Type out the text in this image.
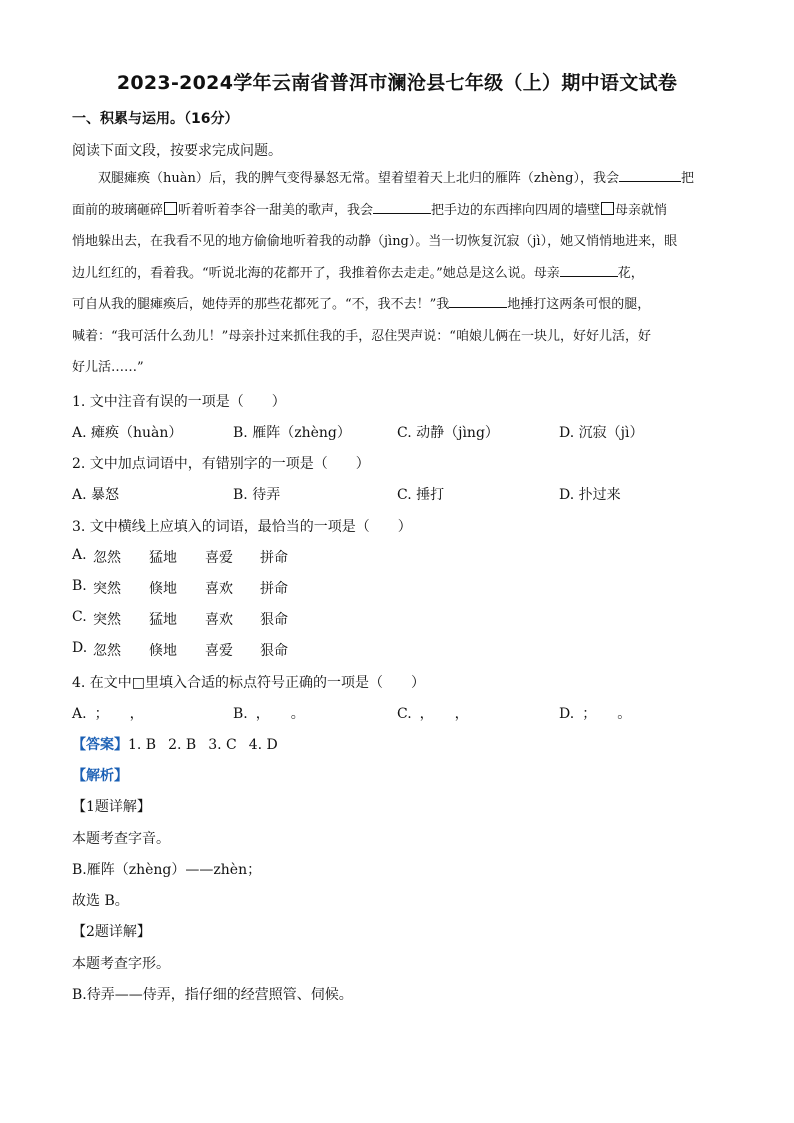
2023-2024学年云南省普洱市澜沧县七年级（上）期中语文试卷
一、积累与运用。（16分）
阅读下面文段，按要求完成问题。
双腿瘫痪（huàn）后，我的脾气变得暴怒无常。望着望着天上北归的雁阵（zhèng），我会	把
面前的玻璃砸碎 听着听着李谷一甜美的歌声，我会	把手边的东西摔向四周的墙壁 母亲就悄
悄地躲出去，在我看不见的地方偷偷地听着我的动静（jìng）。当一切恢复沉寂（jì），她又悄悄地进来，眼
边儿红红的，看着我。“听说北海的花都开了，我推着你去走走。”她总是这么说。母亲	花，
可自从我的腿瘫痪后，她侍弄的那些花都死了。“不，我不去！”我	地捶打这两条可恨的腿，
喊着：“我可活什么劲儿！”母亲扑过来抓住我的手，忍住哭声说：“咱娘儿俩在一块儿，好好儿活，好
好儿活……”
1. 文中注音有误的一项是（　　）
A. 瘫痪（huàn）	B. 雁阵（zhèng）	C. 动静（jìng）	D. 沉寂（jì）
2. 文中加点词语中，有错别字的一项是（　　）
A. 暴怒	B. 待弄	C. 捶打	D. 扑过来
3. 文中横线上应填入的词语，最恰当的一项是（　　）
A. 忽然 猛地 喜爱 拼命
B. 突然 倏地 喜欢 拼命
C. 突然 猛地 喜欢 狠命
D. 忽然 倏地 喜爱 狠命
4. 在文中□里填入合适的标点符号正确的一项是（　　）
A. ； ，	B. ， 。	C. ， ，	D. ； 。
【答案】1. B 2. B 3. C 4. D
【解析】
【1题详解】
本题考查字音。
B.雁阵（zhèng）——zhèn；
故选 B。
【2题详解】
本题考查字形。
B.待弄——侍弄，指仔细的经营照管、伺候。
